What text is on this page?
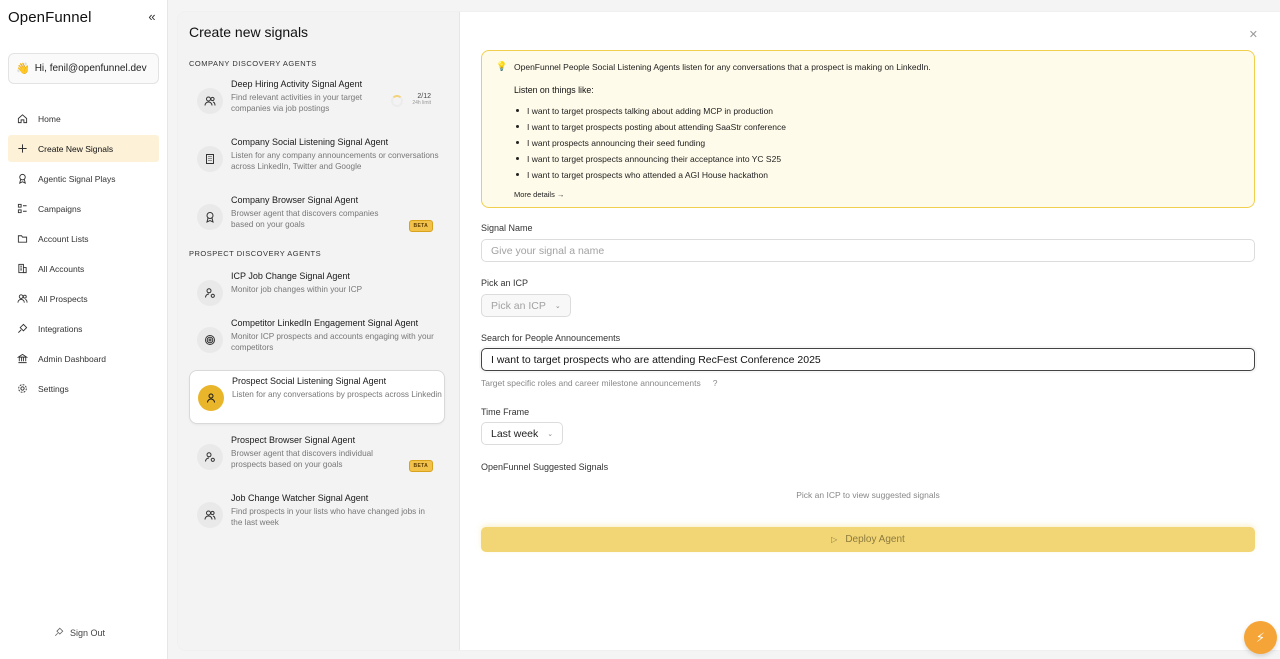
OpenFunnel	«
👋 Hi, fenil@openfunnel.dev
Home
Create New Signals
Agentic Signal Plays
Campaigns
Account Lists
All Accounts
All Prospects
Integrations
Admin Dashboard
Settings
Sign Out
Create new signals
COMPANY DISCOVERY AGENTS
Deep Hiring Activity Signal Agent
Find relevant activities in your target companies via job postings
2/12
24h limit
Company Social Listening Signal Agent
Listen for any company announcements or conversations across LinkedIn, Twitter and Google
Company Browser Signal Agent
Browser agent that discovers companies based on your goals	BETA
PROSPECT DISCOVERY AGENTS
ICP Job Change Signal Agent
Monitor job changes within your ICP
Competitor LinkedIn Engagement Signal Agent
Monitor ICP prospects and accounts engaging with your competitors
Prospect Social Listening Signal Agent
Listen for any conversations by prospects across Linkedin
Prospect Browser Signal Agent
Browser agent that discovers individual prospects based on your goals	BETA
Job Change Watcher Signal Agent
Find prospects in your lists who have changed jobs in the last week
✕
💡 OpenFunnel People Social Listening Agents listen for any conversations that a prospect is making on LinkedIn.
Listen on things like:
I want to target prospects talking about adding MCP in production
I want to target prospects posting about attending SaaStr conference
I want prospects announcing their seed funding
I want to target prospects announcing their acceptance into YC S25
I want to target prospects who attended a AGI House hackathon
More details →
Signal Name
Give your signal a name
Pick an ICP
Pick an ICP ⌄
Search for People Announcements
I want to target prospects who are attending RecFest Conference 2025
Target specific roles and career milestone announcements ?
Time Frame
Last week ⌄
OpenFunnel Suggested Signals
Pick an ICP to view suggested signals
▷ Deploy Agent
⚡
